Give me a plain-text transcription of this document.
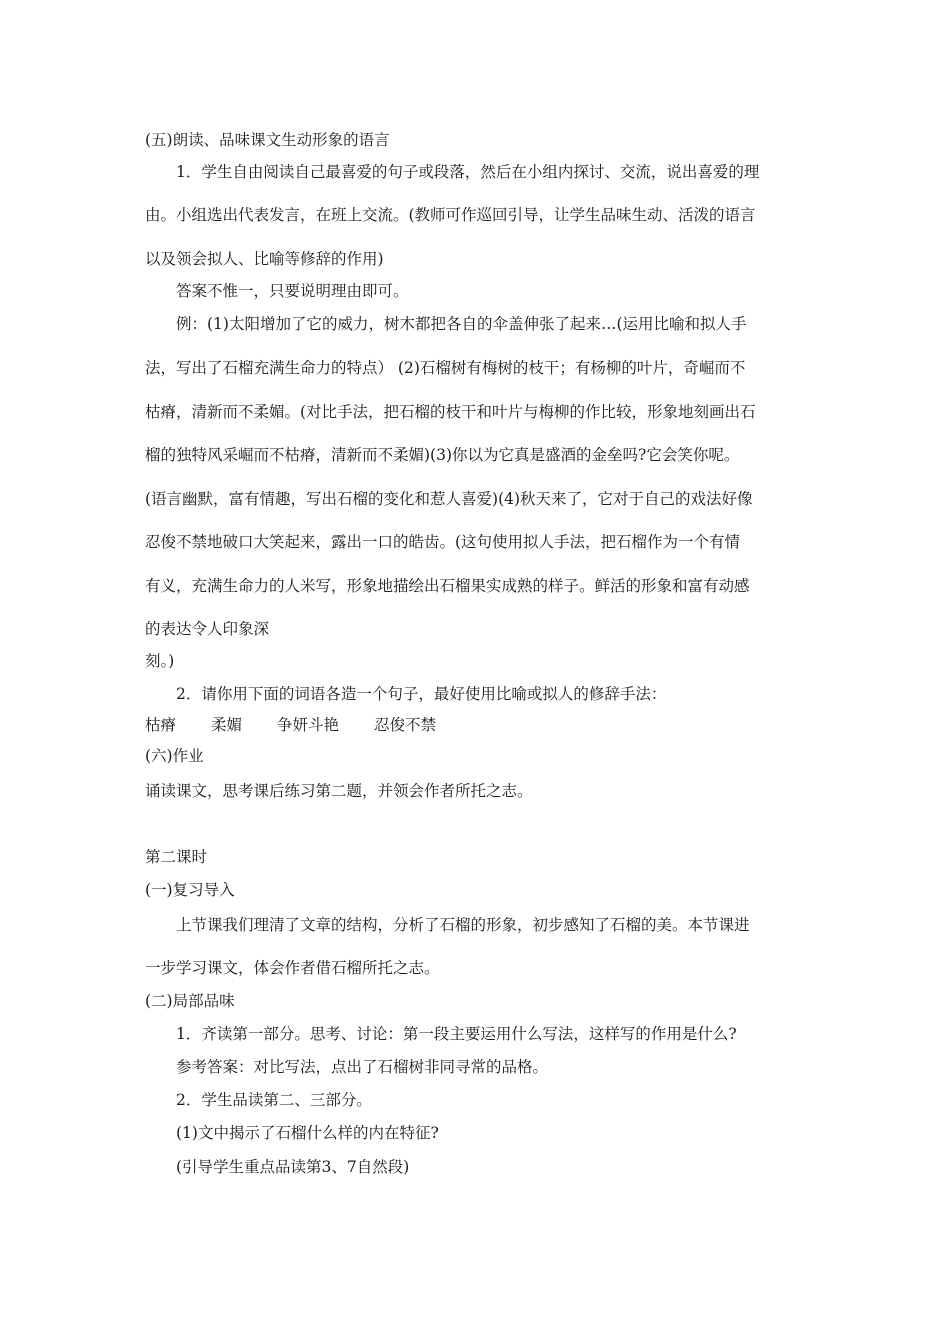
(五)朗读、品味课文生动形象的语言

1．学生自由阅读自己最喜爱的句子或段落，然后在小组内探讨、交流，说出喜爱的理

由。小组选出代表发言，在班上交流。(教师可作巡回引导，让学生品味生动、活泼的语言

以及领会拟人、比喻等修辞的作用)

答案不惟一，只要说明理由即可。

例：(1)太阳增加了它的威力，树木都把各自的伞盖伸张了起来…(运用比喻和拟人手

法，写出了石榴充满生命力的特点） (2)石榴树有梅树的枝干；有杨柳的叶片，奇崛而不

枯瘠，清新而不柔媚。(对比手法，把石榴的枝干和叶片与梅柳的作比较，形象地刻画出石

榴的独特风采崛而不枯瘠，清新而不柔媚)(3)你以为它真是盛酒的金垒吗?它会笑你呢。

(语言幽默，富有情趣，写出石榴的变化和惹人喜爱)(4)秋天来了，它对于自己的戏法好像

忍俊不禁地破口大笑起来，露出一口的皓齿。(这句使用拟人手法，把石榴作为一个有情

有义，充满生命力的人米写，形象地描绘出石榴果实成熟的样子。鲜活的形象和富有动感

的表达令人印象深

刻。)

2．请你用下面的词语各造一个句子，最好使用比喻或拟人的修辞手法：

枯瘠 柔媚 争妍斗艳 忍俊不禁

(六)作业

诵读课文，思考课后练习第二题，并领会作者所托之志。

第二课时

(一)复习导入

上节课我们理清了文章的结构，分析了石榴的形象，初步感知了石榴的美。本节课进

一步学习课文，体会作者借石榴所托之志。

(二)局部品味

1．齐读第一部分。思考、讨论：第一段主要运用什么写法，这样写的作用是什么?

参考答案：对比写法，点出了石榴树非同寻常的品格。

2．学生品读第二、三部分。

(1)文中揭示了石榴什么样的内在特征?

(引导学生重点品读第3、7自然段)
